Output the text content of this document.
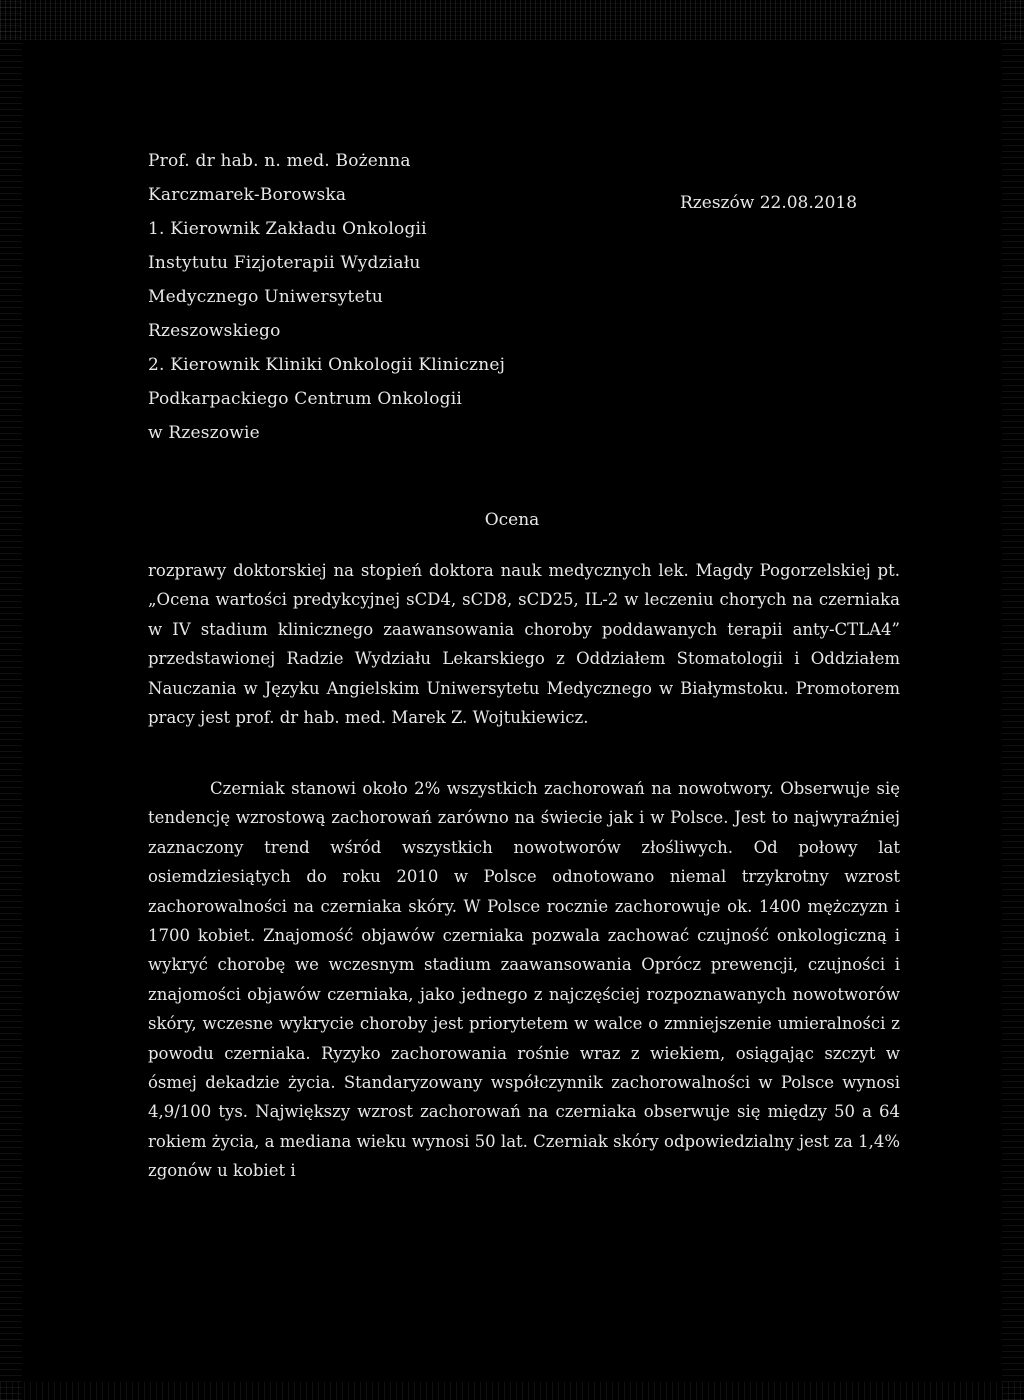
Prof. dr hab. n. med. Bożenna
Karczmarek-Borowska
1. Kierownik Zakładu Onkologii
Instytutu Fizjoterapii Wydziału
Medycznego Uniwersytetu
Rzeszowskiego
2. Kierownik Kliniki Onkologii Klinicznej
Podkarpackiego Centrum Onkologii
w Rzeszowie
Rzeszów 22.08.2018
Ocena
rozprawy doktorskiej na stopień doktora nauk medycznych lek. Magdy Pogorzelskiej pt. „Ocena wartości predykcyjnej sCD4, sCD8, sCD25, IL-2 w leczeniu chorych na czerniaka w IV stadium klinicznego zaawansowania choroby poddawanych terapii anty-CTLA4” przedstawionej Radzie Wydziału Lekarskiego z Oddziałem Stomatologii i Oddziałem Nauczania w Języku Angielskim Uniwersytetu Medycznego w Białymstoku. Promotorem pracy jest prof. dr hab. med. Marek Z. Wojtukiewicz.
Czerniak stanowi około 2% wszystkich zachorowań na nowotwory. Obserwuje się tendencję wzrostową zachorowań zarówno na świecie jak i w Polsce. Jest to najwyraźniej zaznaczony trend wśród wszystkich nowotworów złośliwych. Od połowy lat osiemdziesiątych do roku 2010 w Polsce odnotowano niemal trzykrotny wzrost zachorowalności na czerniaka skóry. W Polsce rocznie zachorowuje ok. 1400 mężczyzn i 1700 kobiet. Znajomość objawów czerniaka pozwala zachować czujność onkologiczną i wykryć chorobę we wczesnym stadium zaawansowania Oprócz prewencji, czujności i znajomości objawów czerniaka, jako jednego z najczęściej rozpoznawanych nowotworów skóry, wczesne wykrycie choroby jest priorytetem w walce o zmniejszenie umieralności z powodu czerniaka. Ryzyko zachorowania rośnie wraz z wiekiem, osiągając szczyt w ósmej dekadzie życia. Standaryzowany współczynnik zachorowalności w Polsce wynosi 4,9/100 tys. Największy wzrost zachorowań na czerniaka obserwuje się między 50 a 64 rokiem życia, a mediana wieku wynosi 50 lat. Czerniak skóry odpowiedzialny jest za 1,4% zgonów u kobiet i
